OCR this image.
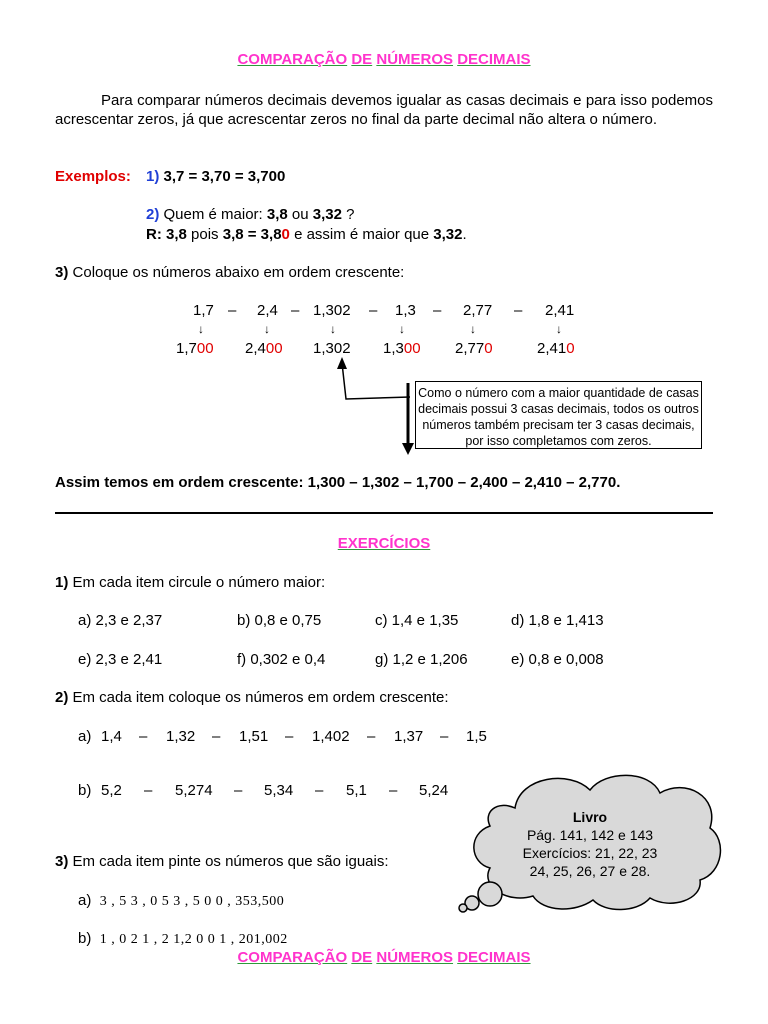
COMPARAÇÃO DE NÚMEROS DECIMAIS
Para comparar números decimais devemos igualar as casas decimais e para isso podemos acrescentar zeros, já que acrescentar zeros no final da parte decimal não altera o número.
Exemplos: 1) 3,7 = 3,70 = 3,700
2) Quem é maior: 3,8 ou 3,32 ?
R: 3,8 pois 3,8 = 3,80 e assim é maior que 3,32.
3) Coloque os números abaixo em ordem crescente:
1,7 – 2,4 – 1,302 – 1,3 – 2,77 – 2,41
↓	↓	↓	↓	↓	↓
1,700 2,400 1,302 1,300 2,770	2,410
Como o número com a maior quantidade de casas decimais possui 3 casas decimais, todos os outros números também precisam ter 3 casas decimais, por isso completamos com zeros.
Assim temos em ordem crescente: 1,300 – 1,302 – 1,700 – 2,400 – 2,410 – 2,770.
EXERCÍCIOS
1) Em cada item circule o número maior:
a) 2,3 e 2,37	b) 0,8 e 0,75	c) 1,4 e 1,35	d) 1,8 e 1,413
e) 2,3 e 2,41	f) 0,302 e 0,4	g) 1,2 e 1,206	e) 0,8 e 0,008
2) Em cada item coloque os números em ordem crescente:
a) 1,4 – 1,32 – 1,51 – 1,402 – 1,37 – 1,5
b) 5,2 – 5,274 – 5,34 – 5,1 – 5,24
Livro
Pág. 141, 142 e 143
Exercícios: 21, 22, 23
24, 25, 26, 27 e 28.
3) Em cada item pinte os números que são iguais:
a) 3 , 5 3 , 0 5 3 , 5 0 0 , 353,500
b) 1 , 0 2 1 , 2 1,2 0 0 1 , 201,002
COMPARAÇÃO DE NÚMEROS DECIMAIS
